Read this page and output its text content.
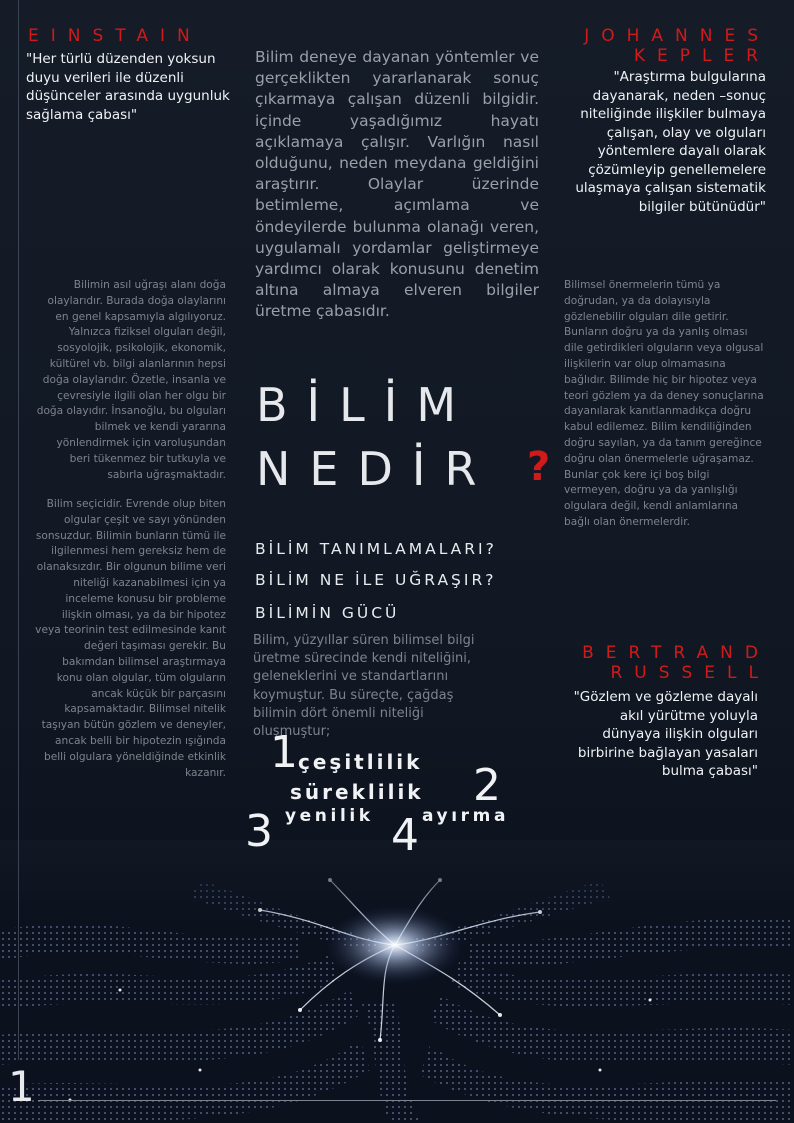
1
EINSTAIN
"Her türlü düzenden yoksun duyu verileri ile düzenli düşünceler arasında uygunluk sağlama çabası"
JOHANNES KEPLER
"Araştırma bulgularına dayanarak, neden –sonuç niteliğinde ilişkiler bulmaya çalışan, olay ve olguları yöntemlere dayalı olarak çözümleyip genellemelere ulaşmaya çalışan sistematik bilgiler bütünüdür"
BERTRAND RUSSELL
"Gözlem ve gözleme dayalı akıl yürütme yoluyla dünyaya ilişkin olguları birbirine bağlayan yasaları bulma çabası"
Bilim deneye dayanan yöntemler ve gerçeklikten yararlanarak sonuç çıkarmaya çalışan düzenli bilgidir. içinde yaşadığımız hayatı açıklamaya çalışır. Varlığın nasıl olduğunu, neden meydana geldiğini araştırır. Olaylar üzerinde betimleme, açımlama ve öndeyilerde bulunma olanağı veren, uygulamalı yordamlar geliştirmeye yardımcı olarak konusunu denetim altına almaya elveren bilgiler üretme çabasıdır.
Bilimin asıl uğraşı alanı doğa olaylarıdır. Burada doğa olaylarını en genel kapsamıyla algılıyoruz. Yalnızca fiziksel olguları değil, sosyolojik, psikolojik, ekonomik, kültürel vb. bilgi alanlarının hepsi doğa olaylarıdır. Özetle, insanla ve çevresiyle ilgili olan her olgu bir doğa olayıdır. İnsanoğlu, bu olguları bilmek ve kendi yararına yönlendirmek için varoluşundan beri tükenmez bir tutkuyla ve sabırla uğraşmaktadır.
Bilim seçicidir. Evrende olup biten olgular çeşit ve sayı yönünden sonsuzdur. Bilimin bunların tümü ile ilgilenmesi hem gereksiz hem de olanaksızdır. Bir olgunun bilime veri niteliği kazanabilmesi için ya inceleme konusu bir probleme ilişkin olması, ya da bir hipotez veya teorinin test edilmesinde kanıt değeri taşıması gerekir. Bu bakımdan bilimsel araştırmaya konu olan olgular, tüm olguların ancak küçük bir parçasını kapsamaktadır. Bilimsel nitelik taşıyan bütün gözlem ve deneyler, ancak belli bir hipotezin ışığında belli olgulara yöneldiğinde etkinlik kazanır.
Bilimsel önermelerin tümü ya doğrudan, ya da dolayısıyla gözlenebilir olguları dile getirir. Bunların doğru ya da yanlış olması dile getirdikleri olguların veya olgusal ilişkilerin var olup olmamasına bağlıdır. Bilimde hiç bir hipotez veya teori gözlem ya da deney sonuçlarına dayanılarak kanıtlanmadıkça doğru kabul edilemez. Bilim kendiliğinden doğru sayılan, ya da tanım gereğince doğru olan önermelerle uğraşamaz. Bunlar çok kere içi boş bilgi vermeyen, doğru ya da yanlışlığı olgulara değil, kendi anlamlarına bağlı olan önermelerdir.
BİLİM
NEDİR ?
BİLİM TANIMLAMALARI?
BİLİM NE İLE UĞRAŞIR?
BİLİMİN GÜCÜ
Bilim, yüzyıllar süren bilimsel bilgi üretme sürecinde kendi niteliğini, geleneklerini ve standartlarını koymuştur. Bu süreçte, çağdaş bilimin dört önemli niteliği oluşmuştur;
1 çeşitlilik
süreklilik 2
3 yenilik 4 ayırma
